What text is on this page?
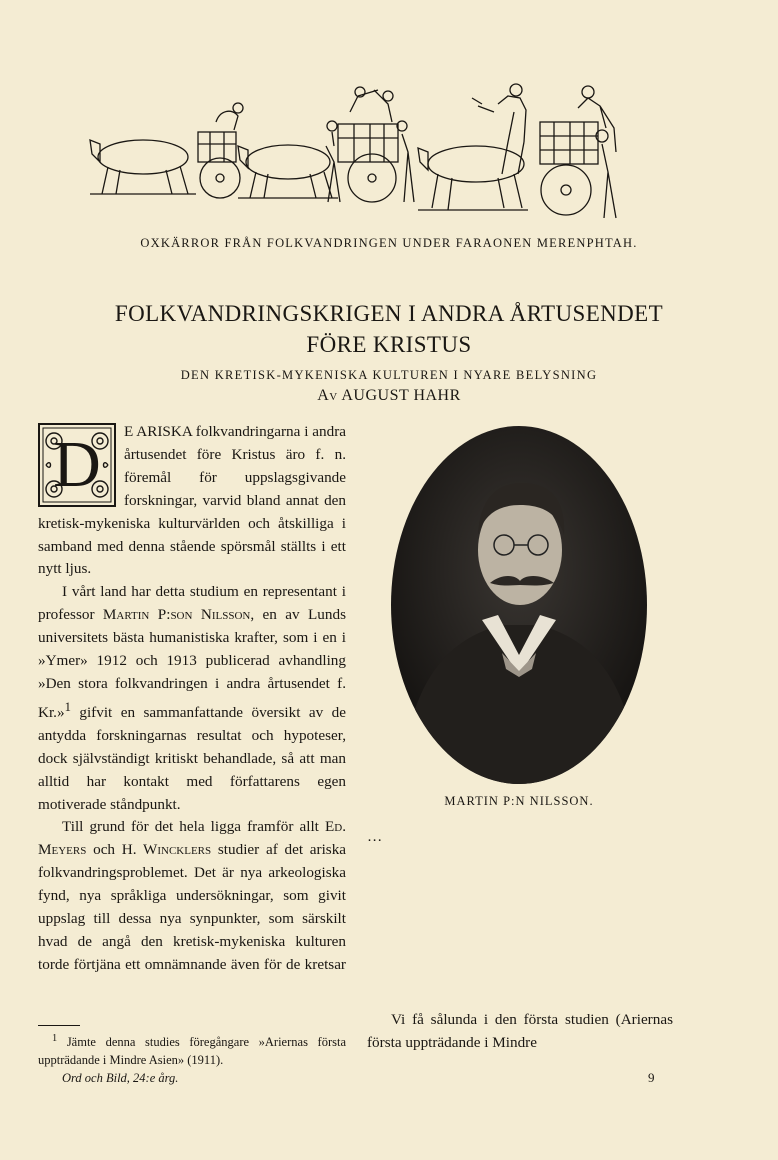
OXKÄRROR FRÅN FOLKVANDRINGEN UNDER FARAONEN MERENPHTAH.
FOLKVANDRINGSKRIGEN I ANDRA ÅRTUSENDET
FÖRE KRISTUS
DEN KRETISK-MYKENISKA KULTUREN I NYARE BELYSNING
Av AUGUST HAHR
D	E ARISKA folkvandringarna i andra årtusendet före Kristus äro f. n. föremål för uppslagsgivande forskningar, varvid bland annat den kretisk-mykeniska kulturvärlden och åtskilliga i samband med denna stående spörsmål ställts i ett nytt ljus.

I vårt land har detta studium en representant i professor Martin P:son Nilsson, en av Lunds universitets bästa humanistiska krafter, som i en i »Ymer» 1912 och 1913 publicerad avhandling »Den stora folkvandringen i andra årtusendet f. Kr.»$^1$ gifvit en sammanfattande översikt av de antydda forskningarnas resultat och hypoteser, dock självständigt kritiskt behandlade, så att man alltid har kontakt med författarens egen motiverade ståndpunkt.

Till grund för det hela ligga framför allt Ed. Meyers och H. Wincklers studier af det ariska folkvandringsproblemet. Det är nya arkeologiska fynd, nya språkliga undersökningar, som givit uppslag till dessa nya synpunkter, som särskilt hvad de angå den kretisk-mykeniska kulturen torde förtjäna ett omnämnande även för de kretsar

MARTIN P:N NILSSON.

…

Vi få sålunda i den första studien (Ariernas första uppträdande i Mindre

$^1$ Jämte denna studies föregångare »Ariernas första uppträdande i Mindre Asien» (1911).

Ord och Bild, 24:e årg.	9
